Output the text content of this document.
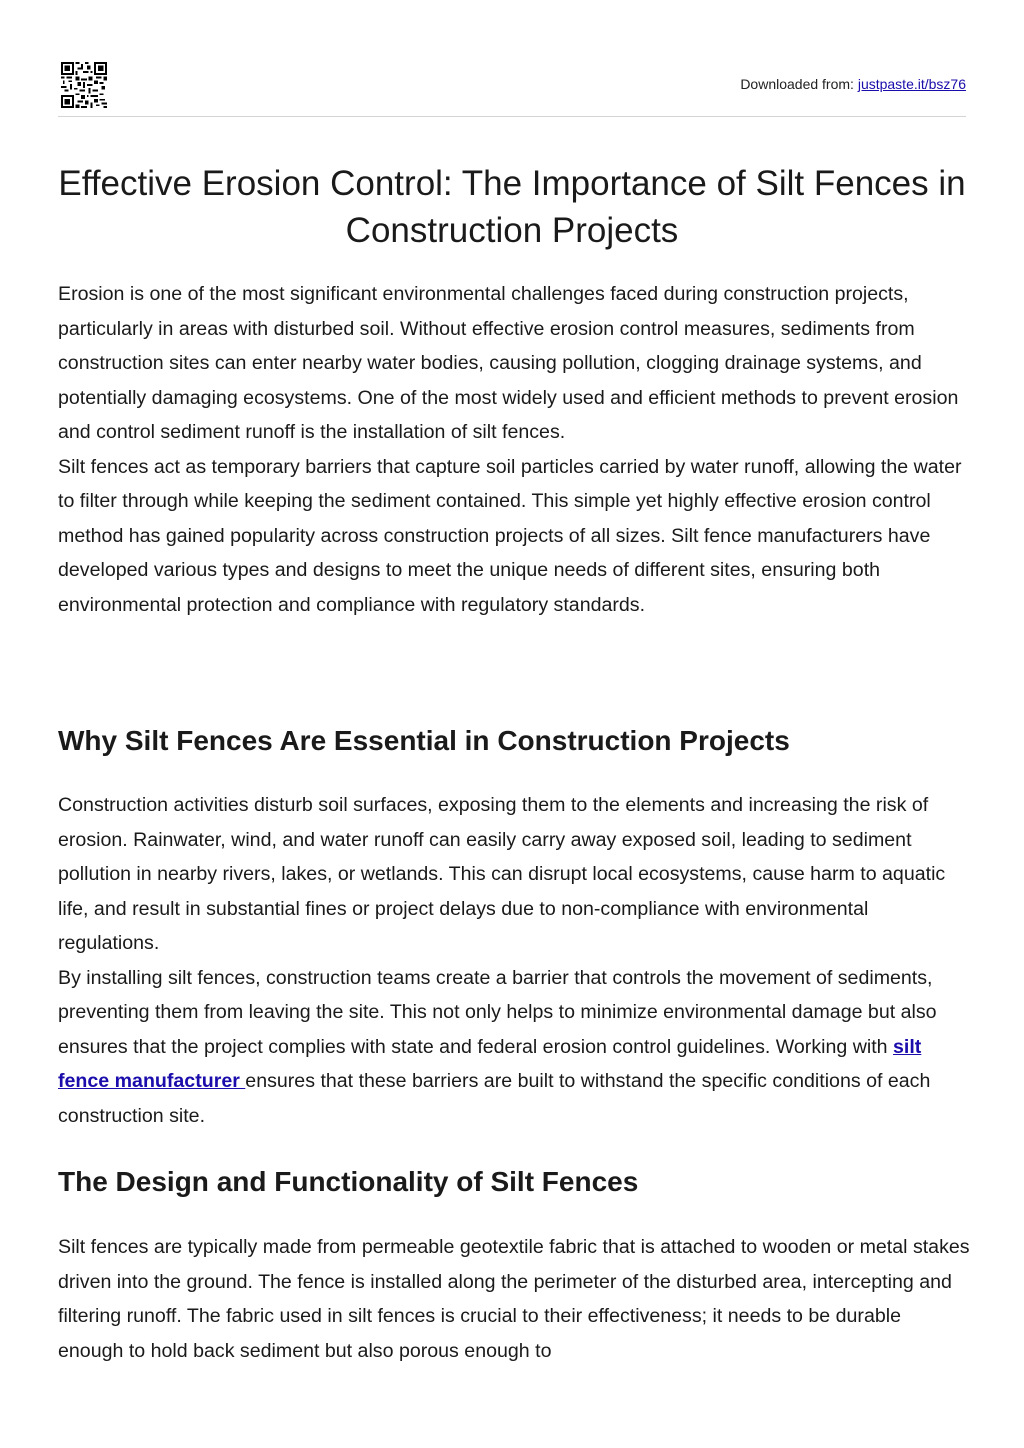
Downloaded from: justpaste.it/bsz76
Effective Erosion Control: The Importance of Silt Fences in Construction Projects

Erosion is one of the most significant environmental challenges faced during construction projects, particularly in areas with disturbed soil. Without effective erosion control measures, sediments from construction sites can enter nearby water bodies, causing pollution, clogging drainage systems, and potentially damaging ecosystems. One of the most widely used and efficient methods to prevent erosion and control sediment runoff is the installation of silt fences.

Silt fences act as temporary barriers that capture soil particles carried by water runoff, allowing the water to filter through while keeping the sediment contained. This simple yet highly effective erosion control method has gained popularity across construction projects of all sizes. Silt fence manufacturers have developed various types and designs to meet the unique needs of different sites, ensuring both environmental protection and compliance with regulatory standards.

Why Silt Fences Are Essential in Construction Projects

Construction activities disturb soil surfaces, exposing them to the elements and increasing the risk of erosion. Rainwater, wind, and water runoff can easily carry away exposed soil, leading to sediment pollution in nearby rivers, lakes, or wetlands. This can disrupt local ecosystems, cause harm to aquatic life, and result in substantial fines or project delays due to non-compliance with environmental regulations.

By installing silt fences, construction teams create a barrier that controls the movement of sediments, preventing them from leaving the site. This not only helps to minimize environmental damage but also ensures that the project complies with state and federal erosion control guidelines. Working with silt fence manufacturer ensures that these barriers are built to withstand the specific conditions of each construction site.

The Design and Functionality of Silt Fences

Silt fences are typically made from permeable geotextile fabric that is attached to wooden or metal stakes driven into the ground. The fence is installed along the perimeter of the disturbed area, intercepting and filtering runoff. The fabric used in silt fences is crucial to their effectiveness; it needs to be durable enough to hold back sediment but also porous enough to
